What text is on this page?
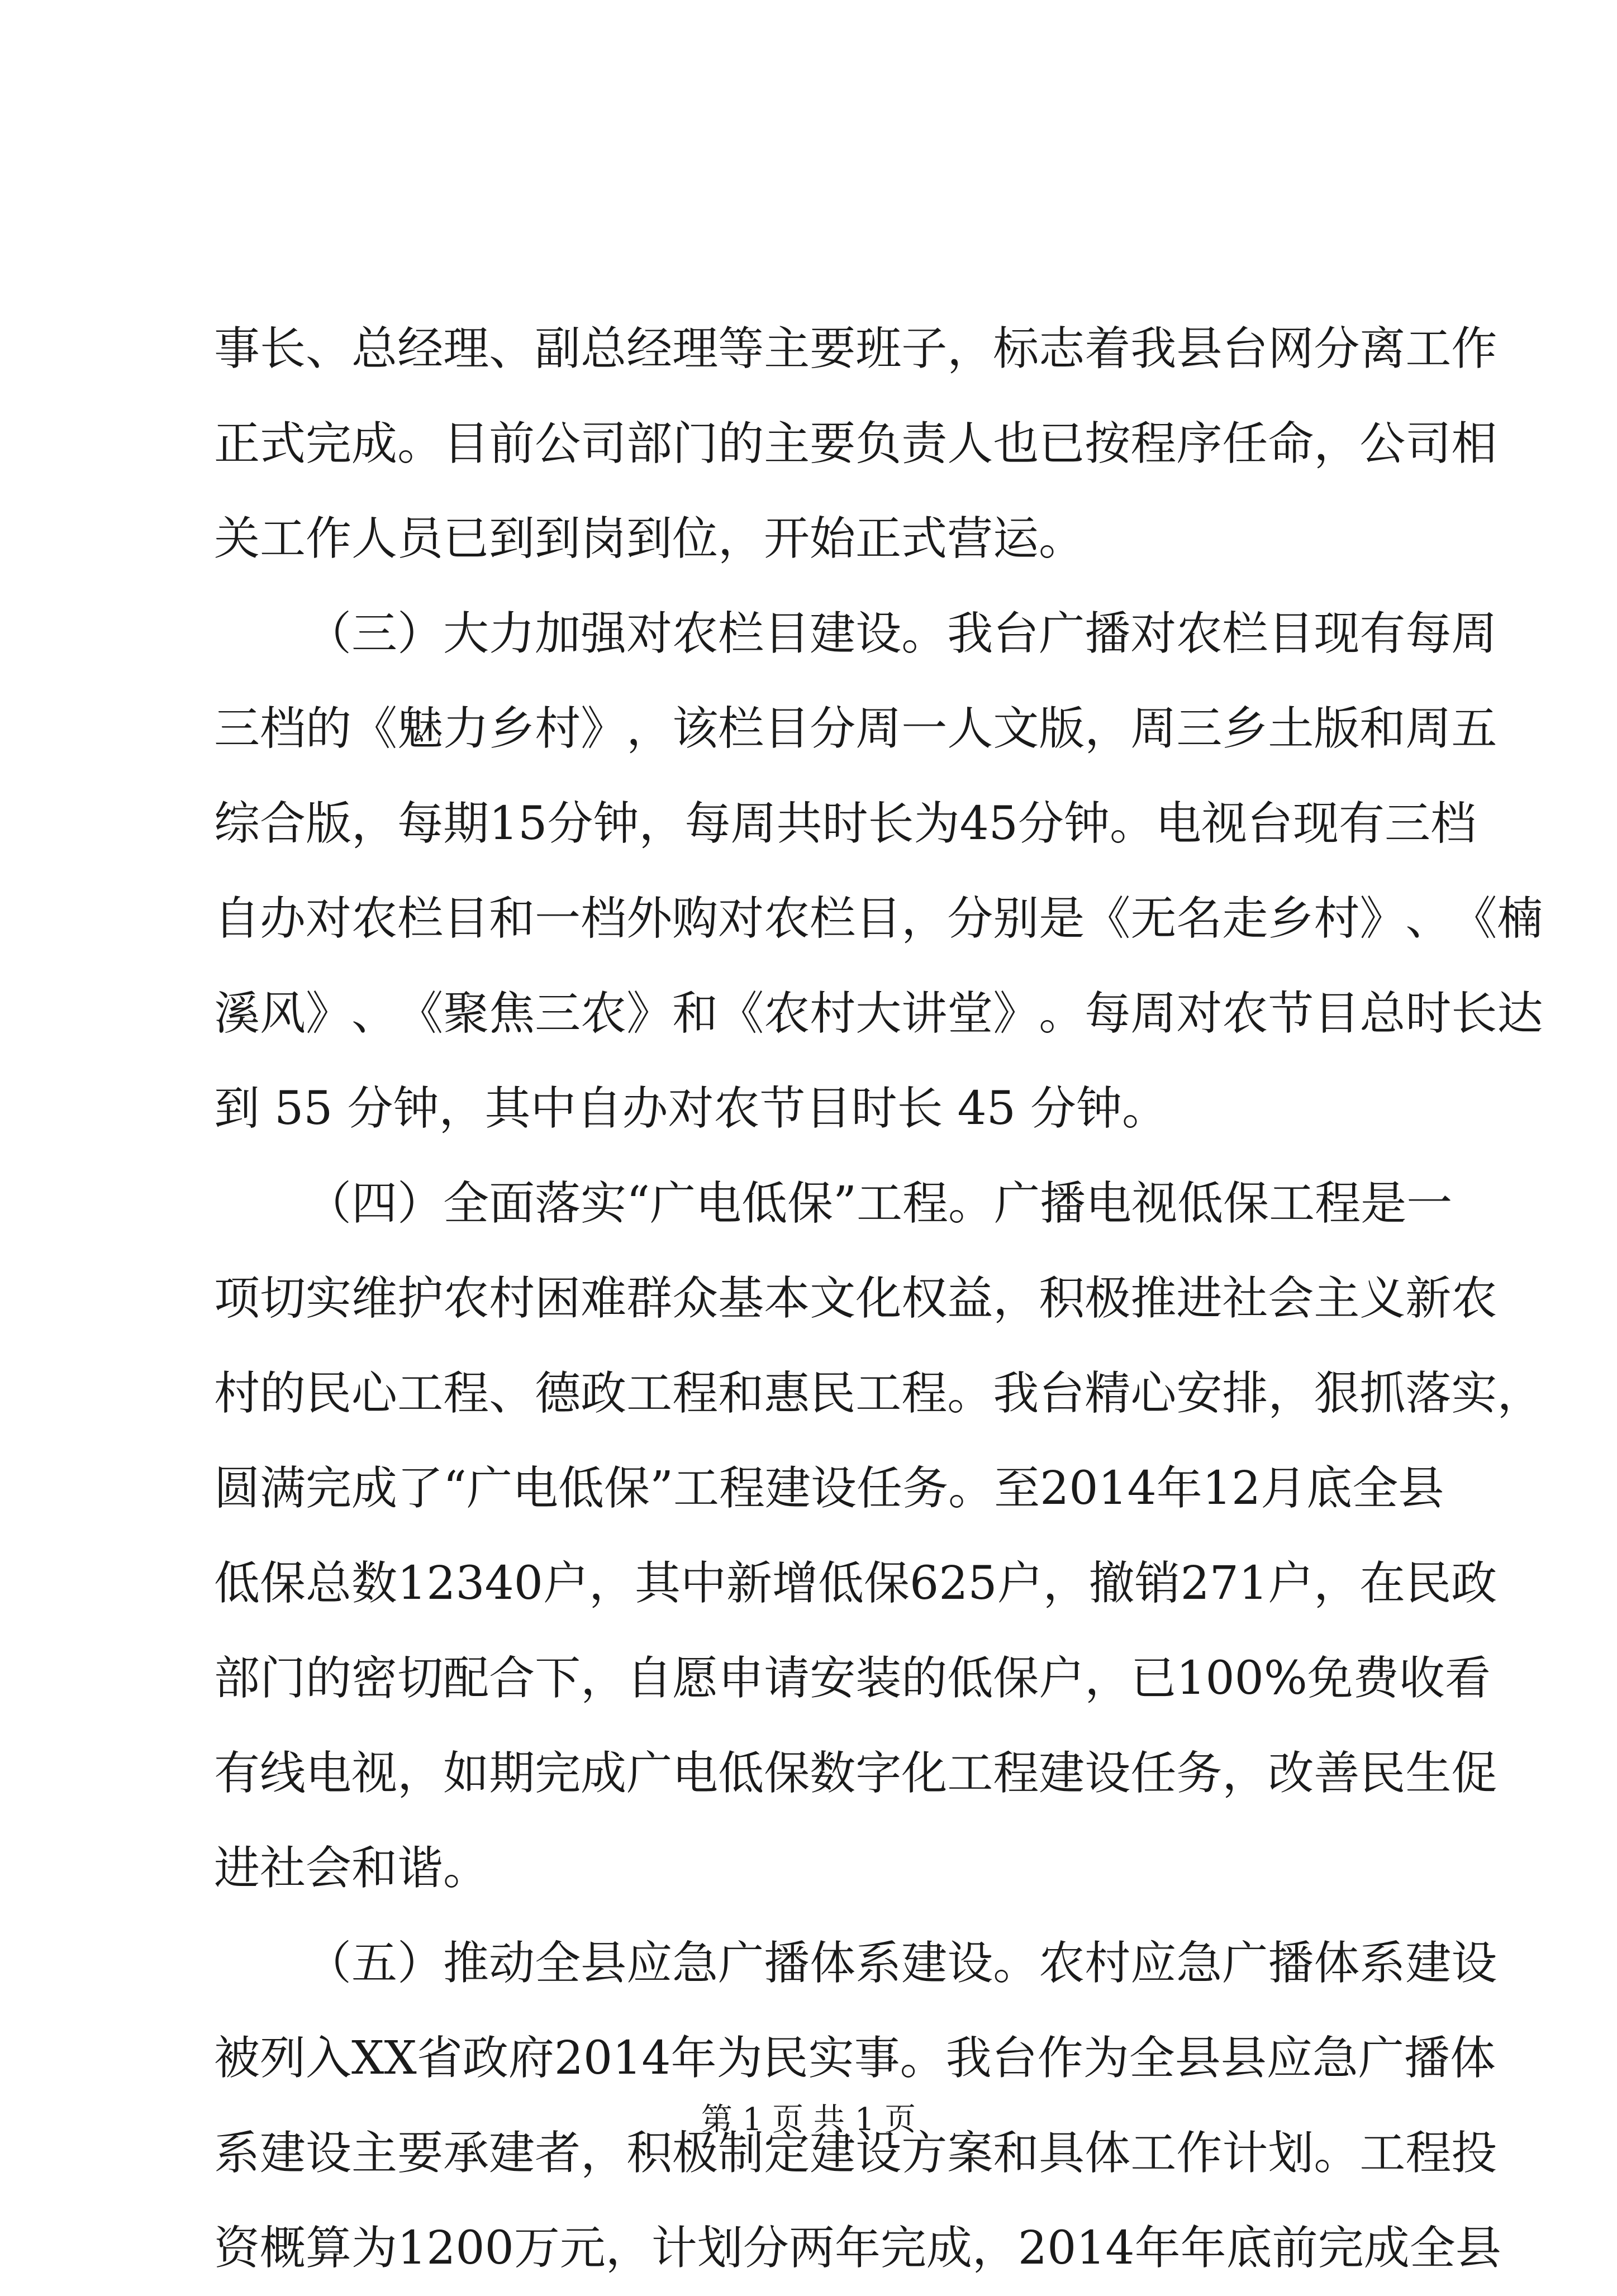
事 长 、 总 经 理 、 副 总 经 理 等 主 要 班 子 ， 标 志 着 我 县 台 网 分 离 工 作
正 式 完 成 。 目 前 公 司 部 门 的 主 要 负 责 人 也 已 按 程 序 任 命 ， 公 司 相
关工作人员已到到岗到位，开始正式营运。
（ 三 ） 大 力 加 强 对 农 栏 目 建 设 。 我 台 广 播 对 农 栏 目 现 有 每 周
三 档 的 《 魅 力 乡 村 》 ， 该 栏 目 分 周 一 人 文 版 ， 周 三 乡 土 版 和 周 五
综 合 版 ， 每 期 15 分 钟 ， 每 周 共 时 长 为 45 分 钟 。 电 视 台 现 有 三 档
自 办 对 农 栏 目 和 一 档 外 购 对 农 栏 目 ， 分 别 是 《 无 名 走 乡 村 》 、 《 楠
溪 风 》 、 《 聚 焦 三 农 》 和 《 农 村 大 讲 堂 》 。 每 周 对 农 节 目 总 时 长 达
到 55 分钟，其中自办对农节目时长 45 分钟。
（ 四 ） 全 面 落 实 “ 广 电 低 保 ” 工 程 。 广 播 电 视 低 保 工 程 是 一
项 切 实 维 护 农 村 困 难 群 众 基 本 文 化 权 益 ， 积 极 推 进 社 会 主 义 新 农
村 的 民 心 工 程 、 德 政 工 程 和 惠 民 工 程 。 我 台 精 心 安 排 ， 狠 抓 落 实 ，
圆 满 完 成 了 “ 广 电 低 保 ” 工 程 建 设 任 务 。 至 2014 年 12 月 底 全 县
低 保 总 数 12340 户 ， 其 中 新 增 低 保 625 户 ， 撤 销 271 户 ， 在 民 政
部 门 的 密 切 配 合 下 ， 自 愿 申 请 安 装 的 低 保 户 ， 已 100% 免 费 收 看
有 线 电 视 ， 如 期 完 成 广 电 低 保 数 字 化 工 程 建 设 任 务 ， 改 善 民 生 促
进社会和谐。
（ 五 ） 推 动 全 县 应 急 广 播 体 系 建 设 。 农 村 应 急 广 播 体 系 建 设
被 列 入 XX 省 政 府 2014 年 为 民 实 事 。 我 台 作 为 全 县 县 应 急 广 播 体
系 建 设 主 要 承 建 者 ， 积 极 制 定 建 设 方 案 和 具 体 工 作 计 划 。 工 程 投
资 概 算 为 1200 万 元 ， 计 划 分 两 年 完 成 ， 2014 年 年 底 前 完 成 全 县
第 1 页 共 1 页
